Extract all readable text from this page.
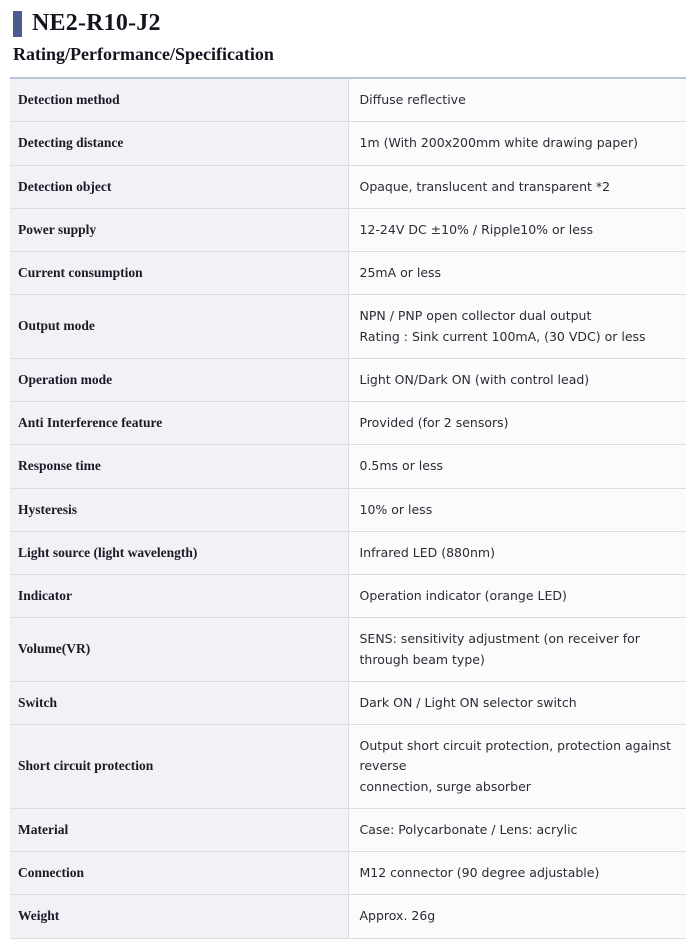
NE2-R10-J2
Rating/Performance/Specification

Detection method	Diffuse reflective

Detecting distance	1m (With 200x200mm white drawing paper)

Detection object	Opaque, translucent and transparent *2

Power supply	12-24V DC ±10% / Ripple10% or less

Current consumption	25mA or less

Output mode	NPN / PNP open collector dual output
Rating : Sink current 100mA, (30 VDC) or less

Operation mode	Light ON/Dark ON (with control lead)

Anti Interference feature	Provided (for 2 sensors)

Response time	0.5ms or less

Hysteresis	10% or less

Light source (light wavelength)	Infrared LED (880nm)

Indicator	Operation indicator (orange LED)

Volume(VR)	SENS: sensitivity adjustment (on receiver for through beam type)

Switch	Dark ON / Light ON selector switch

Short circuit protection	Output short circuit protection, protection against reverse
connection, surge absorber

Material	Case: Polycarbonate / Lens: acrylic

Connection	M12 connector (90 degree adjustable)

Weight	Approx. 26g
